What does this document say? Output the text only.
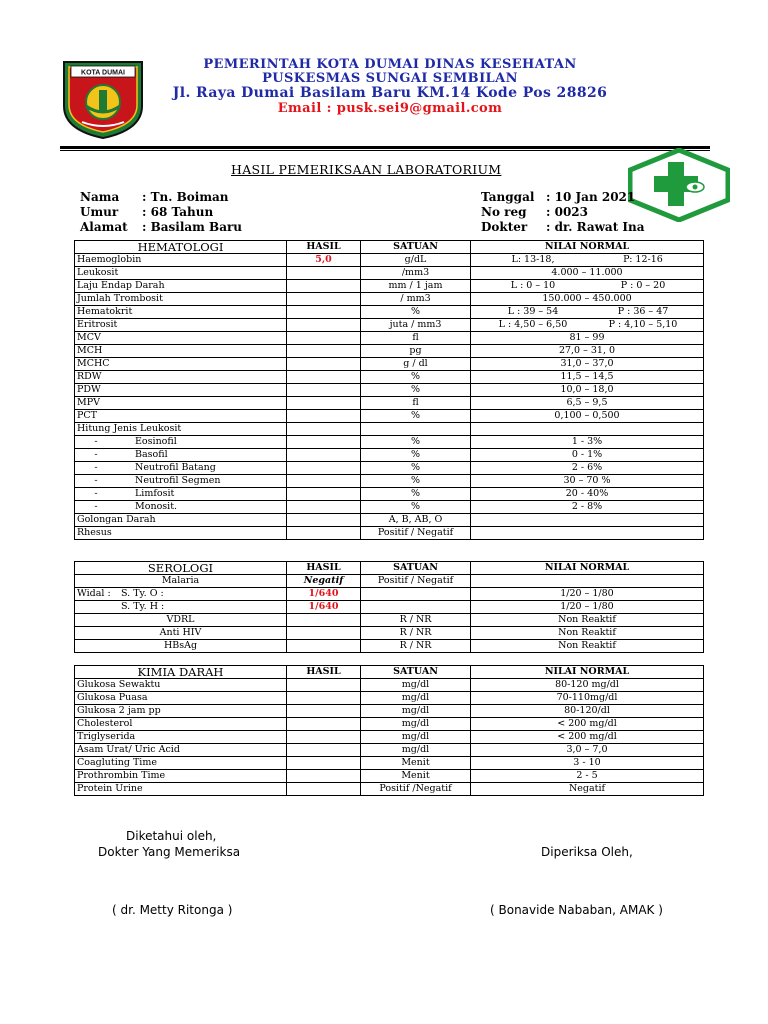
KOTA DUMAI
PEMERINTAH KOTA DUMAI DINAS KESEHATAN
PUSKESMAS SUNGAI SEMBILAN
Jl. Raya Dumai Basilam Baru KM.14 Kode Pos 28826
Email : pusk.sei9@gmail.com
HASIL PEMERIKSAAN LABORATORIUM
Nama : Tn. Boiman
Umur : 68 Tahun
Alamat : Basilam Baru
Tanggal : 10 Jan 2021
No reg : 0023
Dokter : dr. Rawat Ina
HEMATOLOGI	HASIL	SATUAN	NILAI NORMAL
Haemoglobin	5,0	g/dL	L: 13-18, P: 12-16
Leukosit		/mm3	4.000 – 11.000
Laju Endap Darah		mm / 1 jam	L : 0 – 10 P : 0 – 20
Jumlah Trombosit		/ mm3	150.000 – 450.000
Hematokrit		%	L : 39 – 54 P : 36 – 47
Eritrosit		juta / mm3	L : 4,50 – 6,50 P : 4,10 – 5,10
MCV		fl	81 – 99
MCH		pg	27,0 – 31, 0
MCHC		g / dl	31,0 – 37,0
RDW		%	11,5 – 14,5
PDW		%	10,0 – 18,0
MPV		fl	6,5 – 9,5
PCT		%	0,100 – 0,500
Hitung Jenis Leukosit			
- Eosinofil		%	1 - 3%
- Basofil		%	0 - 1%
- Neutrofil Batang		%	2 - 6%
- Neutrofil Segmen		%	30 – 70 %
- Limfosit		%	20 - 40%
- Monosit.		%	2 - 8%
Golongan Darah		A, B, AB, O	
Rhesus		Positif / Negatif	
SEROLOGI	HASIL	SATUAN	NILAI NORMAL
Malaria	Negatif	Positif / Negatif	
Widal : S. Ty. O :	1/640		1/20 – 1/80
S. Ty. H :	1/640		1/20 – 1/80
VDRL		R / NR	Non Reaktif
Anti HIV		R / NR	Non Reaktif
HBsAg		R / NR	Non Reaktif
KIMIA DARAH	HASIL	SATUAN	NILAI NORMAL
Glukosa Sewaktu		mg/dl	80-120 mg/dl
Glukosa Puasa		mg/dl	70-110mg/dl
Glukosa 2 jam pp		mg/dl	80-120/dl
Cholesterol		mg/dl	< 200 mg/dl
Triglyserida		mg/dl	< 200 mg/dl
Asam Urat/ Uric Acid		mg/dl	3,0 – 7,0
Coagluting Time		Menit	3 - 10
Prothrombin Time		Menit	2 - 5
Protein Urine		Positif /Negatif	Negatif
Diketahui oleh,
Dokter Yang Memeriksa
( dr. Metty Ritonga )
Diperiksa Oleh,
( Bonavide Nababan, AMAK )
